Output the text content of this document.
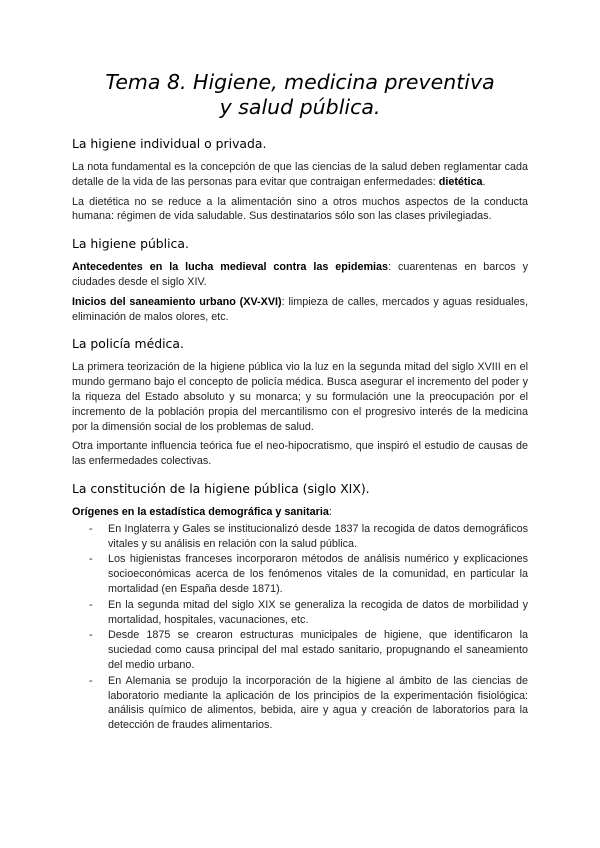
Tema 8. Higiene, medicina preventiva
y salud pública.
La higiene individual o privada.

La nota fundamental es la concepción de que las ciencias de la salud deben reglamentar cada detalle de la vida de las personas para evitar que contraigan enfermedades: dietética.

La dietética no se reduce a la alimentación sino a otros muchos aspectos de la conducta humana: régimen de vida saludable. Sus destinatarios sólo son las clases privilegiadas.

La higiene pública.

Antecedentes en la lucha medieval contra las epidemias: cuarentenas en barcos y ciudades desde el siglo XIV.

Inicios del saneamiento urbano (XV-XVI): limpieza de calles, mercados y aguas residuales, eliminación de malos olores, etc.

La policía médica.

La primera teorización de la higiene pública vio la luz en la segunda mitad del siglo XVIII en el mundo germano bajo el concepto de policía médica. Busca asegurar el incremento del poder y la riqueza del Estado absoluto y su monarca; y su formulación une la preocupación por el incremento de la población propia del mercantilismo con el progresivo interés de la medicina por la dimensión social de los problemas de salud.

Otra importante influencia teórica fue el neo-hipocratismo, que inspiró el estudio de causas de las enfermedades colectivas.

La constitución de la higiene pública (siglo XIX).

Orígenes en la estadística demográfica y sanitaria:

- En Inglaterra y Gales se institucionalizó desde 1837 la recogida de datos demográficos vitales y su análisis en relación con la salud pública.
- Los higienistas franceses incorporaron métodos de análisis numérico y explicaciones socioeconómicas acerca de los fenómenos vitales de la comunidad, en particular la mortalidad (en España desde 1871).
- En la segunda mitad del siglo XIX se generaliza la recogida de datos de morbilidad y mortalidad, hospitales, vacunaciones, etc.
- Desde 1875 se crearon estructuras municipales de higiene, que identificaron la suciedad como causa principal del mal estado sanitario, propugnando el saneamiento del medio urbano.
- En Alemania se produjo la incorporación de la higiene al ámbito de las ciencias de laboratorio mediante la aplicación de los principios de la experimentación fisiológica: análisis químico de alimentos, bebida, aire y agua y creación de laboratorios para la detección de fraudes alimentarios.
